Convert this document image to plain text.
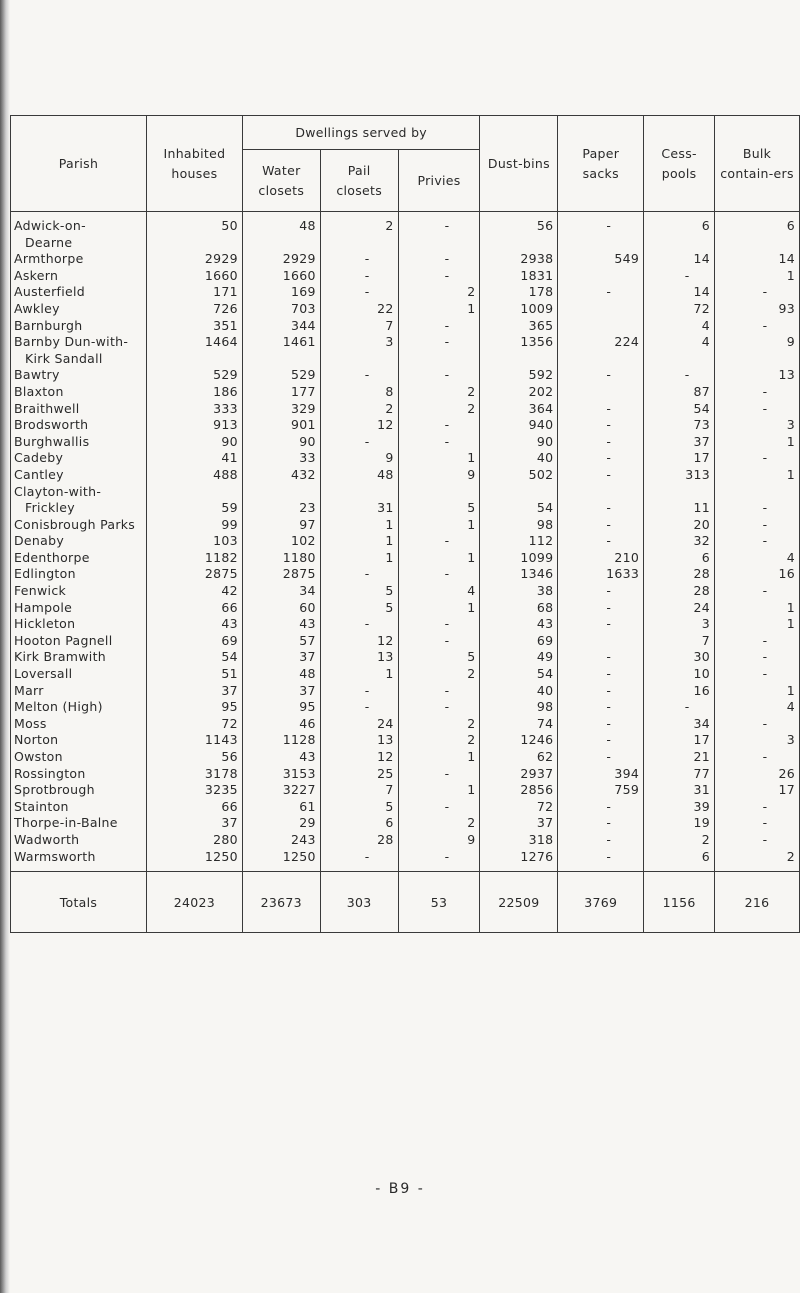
Parish	Inhabited houses	Dwellings served by			Dust-bins	Paper sacks	Cess-pools	Bulk contain-ers
		Water closets	Pail closets	Privies				
Adwick-on-	50	48	2	-	56	-	6	6
Dearne								
Armthorpe	2929	2929	-	-	2938	549	14	14
Askern	1660	1660	-	-	1831		-	1
Austerfield	171	169	-	2	178	-	14	-
Awkley	726	703	22	1	1009		72	93
Barnburgh	351	344	7	-	365		4	-
Barnby Dun-with-	1464	1461	3	-	1356	224	4	9
Kirk Sandall								
Bawtry	529	529	-	-	592	-	-	13
Blaxton	186	177	8	2	202		87	-
Braithwell	333	329	2	2	364	-	54	-
Brodsworth	913	901	12	-	940	-	73	3
Burghwallis	90	90	-	-	90	-	37	1
Cadeby	41	33	9	1	40	-	17	-
Cantley	488	432	48	9	502	-	313	1
Clayton-with-								
Frickley	59	23	31	5	54	-	11	-
Conisbrough Parks	99	97	1	1	98	-	20	-
Denaby	103	102	1	-	112	-	32	-
Edenthorpe	1182	1180	1	1	1099	210	6	4
Edlington	2875	2875	-	-	1346	1633	28	16
Fenwick	42	34	5	4	38	-	28	-
Hampole	66	60	5	1	68	-	24	1
Hickleton	43	43	-	-	43	-	3	1
Hooton Pagnell	69	57	12	-	69		7	-
Kirk Bramwith	54	37	13	5	49	-	30	-
Loversall	51	48	1	2	54	-	10	-
Marr	37	37	-	-	40	-	16	1
Melton (High)	95	95	-	-	98	-	-	4
Moss	72	46	24	2	74	-	34	-
Norton	1143	1128	13	2	1246	-	17	3
Owston	56	43	12	1	62	-	21	-
Rossington	3178	3153	25	-	2937	394	77	26
Sprotbrough	3235	3227	7	1	2856	759	31	17
Stainton	66	61	5	-	72	-	39	-
Thorpe-in-Balne	37	29	6	2	37	-	19	-
Wadworth	280	243	28	9	318	-	2	-
Warmsworth	1250	1250	-	-	1276	-	6	2
Totals	24023	23673	303	53	22509	3769	1156	216
- B9 -
